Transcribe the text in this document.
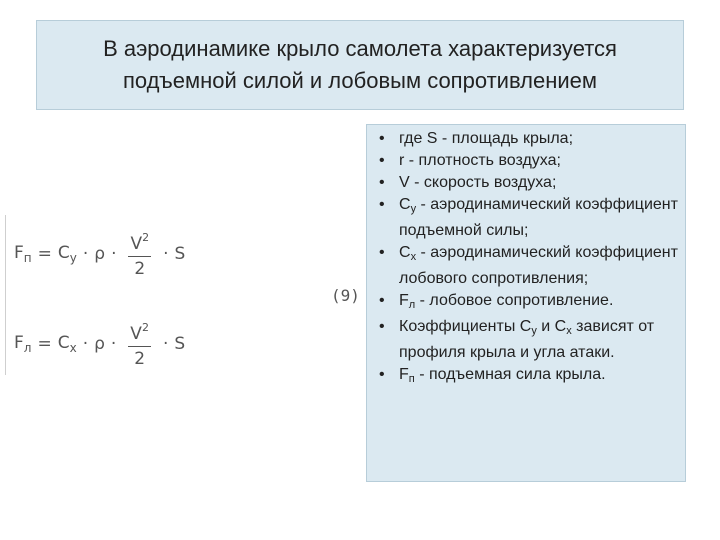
В аэродинамике крыло самолета характеризуется
подъемной силой и лобовым сопротивлением
$F_п = C_y \cdot \rho \cdot \frac{V^2}{2} \cdot S$
$F_л = C_x \cdot \rho \cdot \frac{V^2}{2} \cdot S$
(9)
• где S - площадь крыла;
• r - плотность воздуха;
• V - скорость воздуха;
• $C_y$ - аэродинамический коэффициент подъемной силы;
• $C_x$ - аэродинамический коэффициент лобового сопротивления;
• $F_л$ - лобовое сопротивление.
• Коэффициенты $C_y$ и $C_x$ зависят от профиля крыла и угла атаки.
• $F_п$ - подъемная сила крыла.
